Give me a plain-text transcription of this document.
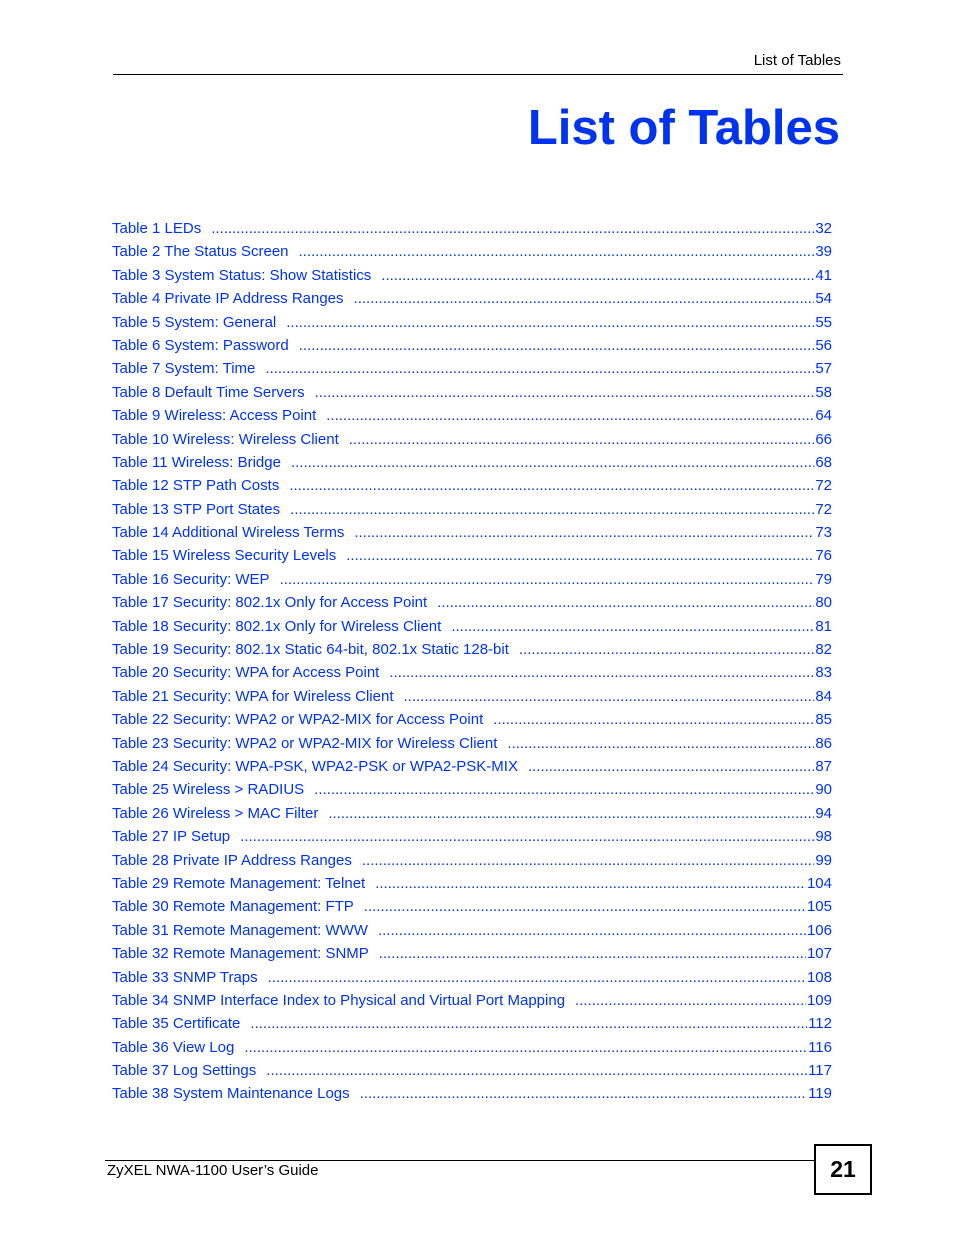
List of Tables
List of Tables
Table 1 LEDs .....	32
Table 2 The Status Screen .....	39
Table 3 System Status: Show Statistics .....	41
Table 4 Private IP Address Ranges .....	54
Table 5 System: General .....	55
Table 6 System: Password .....	56
Table 7 System: Time .....	57
Table 8 Default Time Servers .....	58
Table 9 Wireless: Access Point .....	64
Table 10 Wireless: Wireless Client .....	66
Table 11 Wireless: Bridge .....	68
Table 12 STP Path Costs .....	72
Table 13 STP Port States .....	72
Table 14 Additional Wireless Terms .....	73
Table 15 Wireless Security Levels .....	76
Table 16 Security: WEP .....	79
Table 17 Security: 802.1x Only for Access Point .....	80
Table 18 Security: 802.1x Only for Wireless Client .....	81
Table 19 Security: 802.1x Static 64-bit, 802.1x Static 128-bit .....	82
Table 20 Security: WPA for Access Point .....	83
Table 21 Security: WPA for Wireless Client .....	84
Table 22 Security: WPA2 or WPA2-MIX for Access Point .....	85
Table 23 Security: WPA2 or WPA2-MIX for Wireless Client .....	86
Table 24 Security: WPA-PSK, WPA2-PSK or WPA2-PSK-MIX .....	87
Table 25 Wireless > RADIUS .....	90
Table 26 Wireless > MAC Filter .....	94
Table 27 IP Setup .....	98
Table 28 Private IP Address Ranges .....	99
Table 29 Remote Management: Telnet .....	104
Table 30 Remote Management: FTP .....	105
Table 31 Remote Management: WWW .....	106
Table 32 Remote Management: SNMP .....	107
Table 33 SNMP Traps .....	108
Table 34 SNMP Interface Index to Physical and Virtual Port Mapping .....	109
Table 35 Certificate .....	112
Table 36 View Log .....	116
Table 37 Log Settings .....	117
Table 38 System Maintenance Logs .....	119
ZyXEL NWA-1100 User’s Guide	21
